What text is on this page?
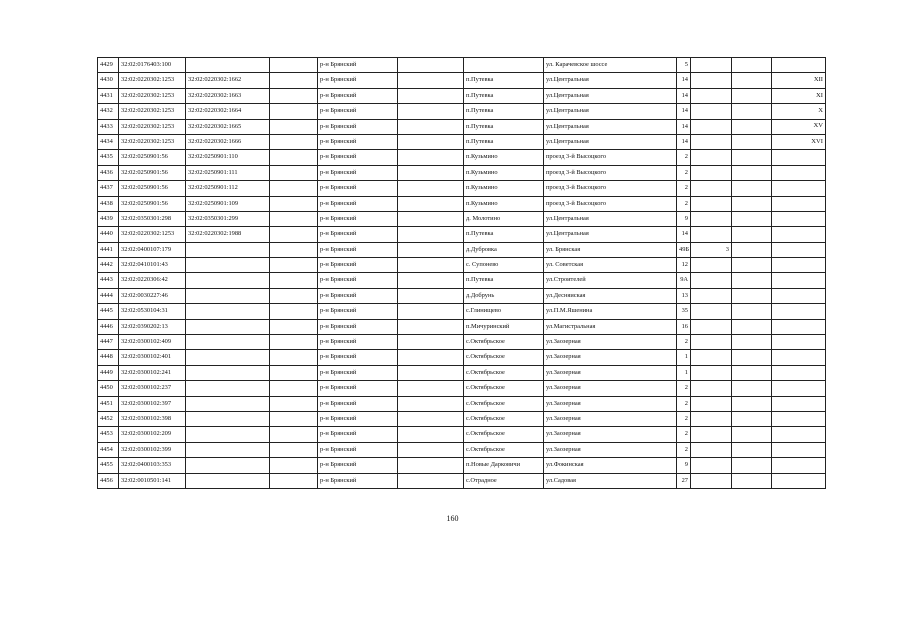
4429	32:02:0176403:100			р-н Брянский			ул. Карачевское шоссе	5			
4430	32:02:0220302:1253	32:02:0220302:1662		р-н Брянский		п.Путевка	ул.Центральная	14			XII
4431	32:02:0220302:1253	32:02:0220302:1663		р-н Брянский		п.Путевка	ул.Центральная	14			XI
4432	32:02:0220302:1253	32:02:0220302:1664		р-н Брянский		п.Путевка	ул.Центральная	14			X
4433	32:02:0220302:1253	32:02:0220302:1665		р-н Брянский		п.Путевка	ул.Центральная	14			XV
4434	32:02:0220302:1253	32:02:0220302:1666		р-н Брянский		п.Путевка	ул.Центральная	14			XVI
4435	32:02:0250901:56	32:02:0250901:110		р-н Брянский		п.Кузьмино	проезд 3-й Высоцкого	2			
4436	32:02:0250901:56	32:02:0250901:111		р-н Брянский		п.Кузьмино	проезд 3-й Высоцкого	2			
4437	32:02:0250901:56	32:02:0250901:112		р-н Брянский		п.Кузьмино	проезд 3-й Высоцкого	2			
4438	32:02:0250901:56	32:02:0250901:109		р-н Брянский		п.Кузьмино	проезд 3-й Высоцкого	2			
4439	32:02:0350301:298	32:02:0350301:299		р-н Брянский		д. Молотино	ул.Центральная	9			
4440	32:02:0220302:1253	32:02:0220302:1988		р-н Брянский		п.Путевка	ул.Центральная	14			
4441	32:02:0400107:179			р-н Брянский		д.Дубровка	ул. Брянская	49Б	3		
4442	32:02:0410101:43			р-н Брянский		с. Супонево	ул. Советская	12			
4443	32:02:0220306:42			р-н Брянский		п.Путевка	ул.Строителей	9А			
4444	32:02:0030227:46			р-н Брянский		д.Добрунь	ул.Десняиская	13			
4445	32:02:0530104:31			р-н Брянский		с.Глинищево	ул.П.М.Яшенина	35			
4446	32:02:0390202:13			р-н Брянский		п.Мичуринский	ул.Магистральная	16			
4447	32:02:0300102:409			р-н Брянский		с.Октябрьское	ул.Заозерная	2			
4448	32:02:0300102:401			р-н Брянский		с.Октябрьское	ул.Заозерная	1			
4449	32:02:0300102:241			р-н Брянский		с.Октябрьское	ул.Заозерная	1			
4450	32:02:0300102:237			р-н Брянский		с.Октябрьское	ул.Заозерная	2			
4451	32:02:0300102:397			р-н Брянский		с.Октябрьское	ул.Заозерная	2			
4452	32:02:0300102:398			р-н Брянский		с.Октябрьское	ул.Заозерная	2			
4453	32:02:0300102:209			р-н Брянский		с.Октябрьское	ул.Заозерная	2			
4454	32:02:0300102:399			р-н Брянский		с.Октябрьское	ул.Заозерная	2			
4455	32:02:0400103:353			р-н Брянский		п.Новые Дарковичи	ул.Фокинская	9			
4456	32:02:0010501:141			р-н Брянский		с.Отрадное	ул.Садовая	27			
160
